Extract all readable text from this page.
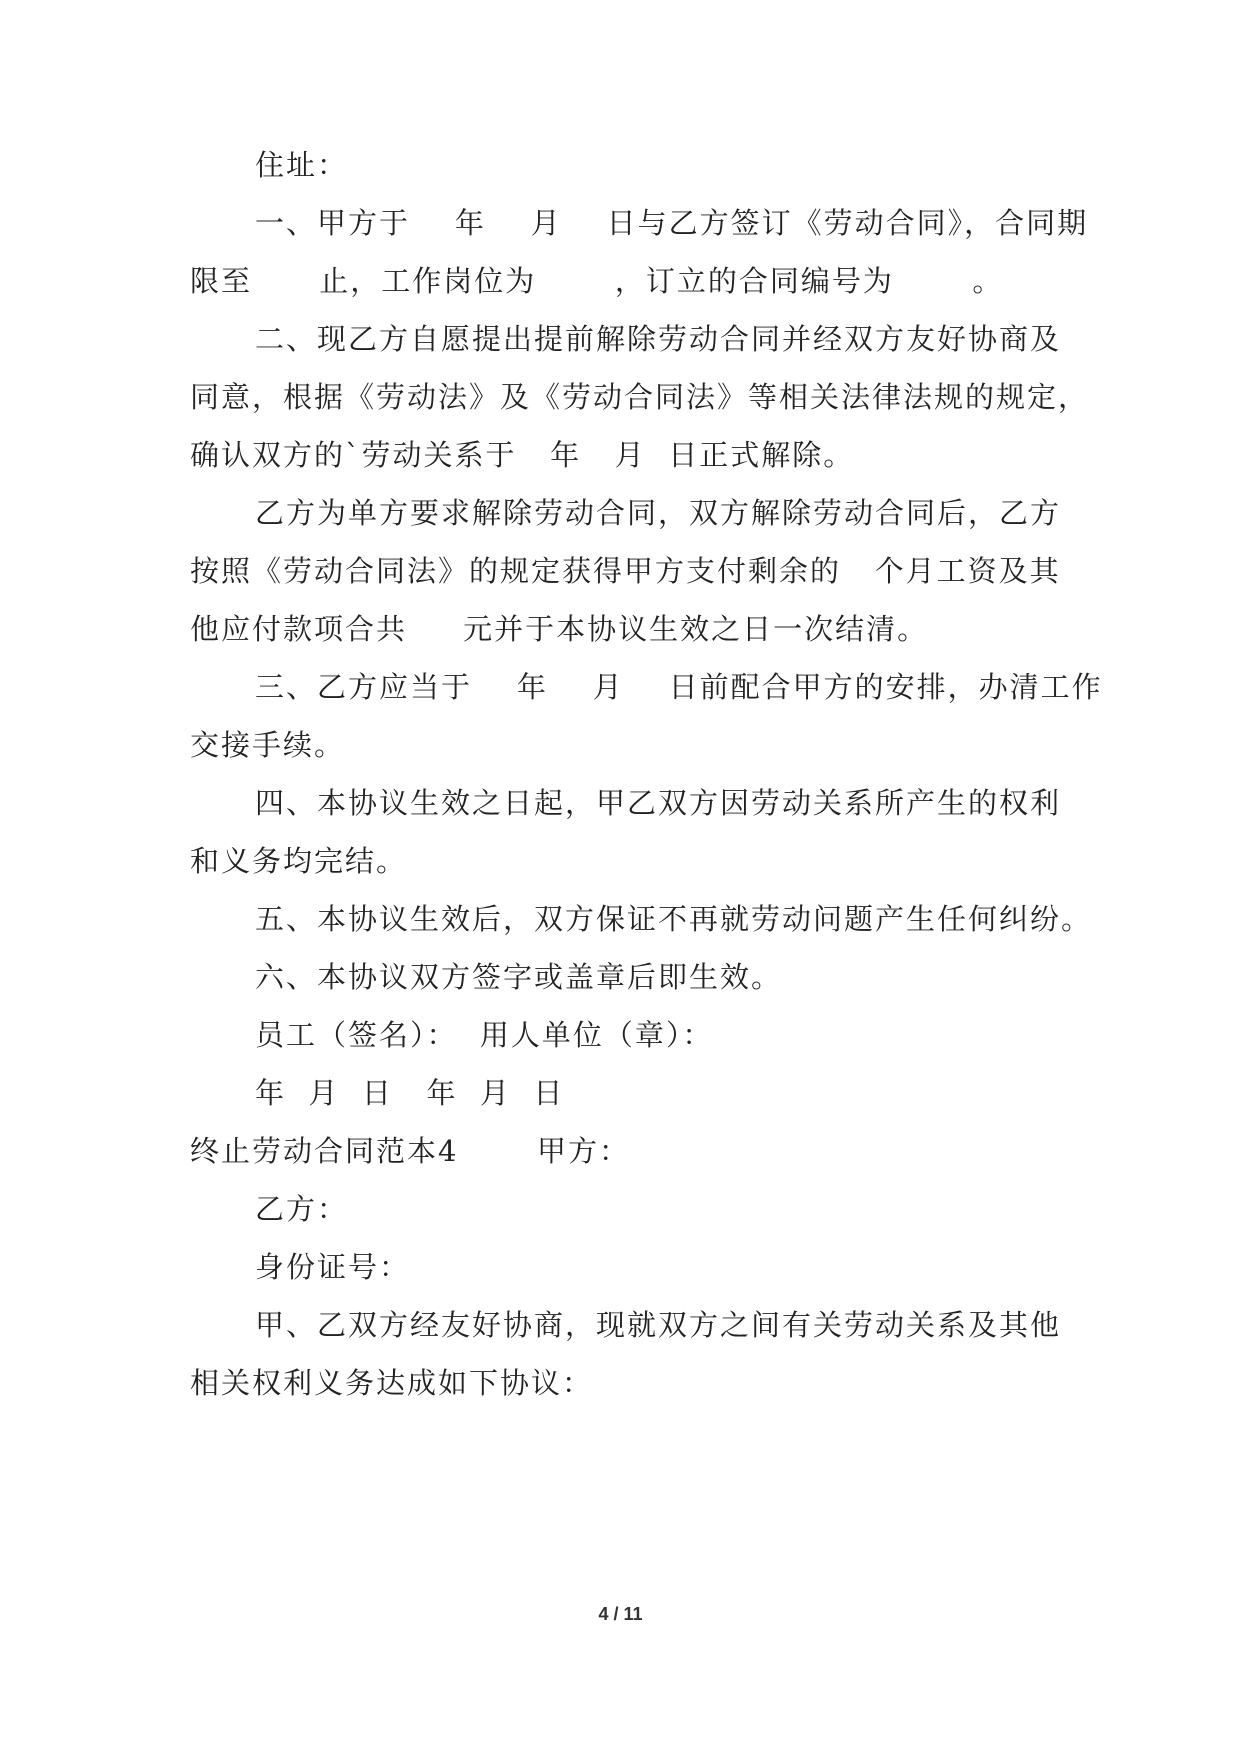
住址：
一、甲方于    年    月    日与乙方签订《劳动合同》，合同期
限至      止，工作岗位为       ，订立的合同编号为       。
二、现乙方自愿提出提前解除劳动合同并经双方友好协商及
同意，根据《劳动法》及《劳动合同法》等相关法律法规的规定，
确认双方的`劳动关系于   年   月  日正式解除。
乙方为单方要求解除劳动合同，双方解除劳动合同后，乙方
按照《劳动合同法》的规定获得甲方支付剩余的   个月工资及其
他应付款项合共     元并于本协议生效之日一次结清。
三、乙方应当于    年    月    日前配合甲方的安排，办清工作
交接手续。
四、本协议生效之日起，甲乙双方因劳动关系所产生的权利
和义务均完结。
五、本协议生效后，双方保证不再就劳动问题产生任何纠纷。
六、本协议双方签字或盖章后即生效。
员工（签名）：  用人单位（章）：
年  月  日   年  月  日
终止劳动合同范本4       甲方：
乙方：
身份证号：
甲、乙双方经友好协商，现就双方之间有关劳动关系及其他
相关权利义务达成如下协议：
4 / 11
